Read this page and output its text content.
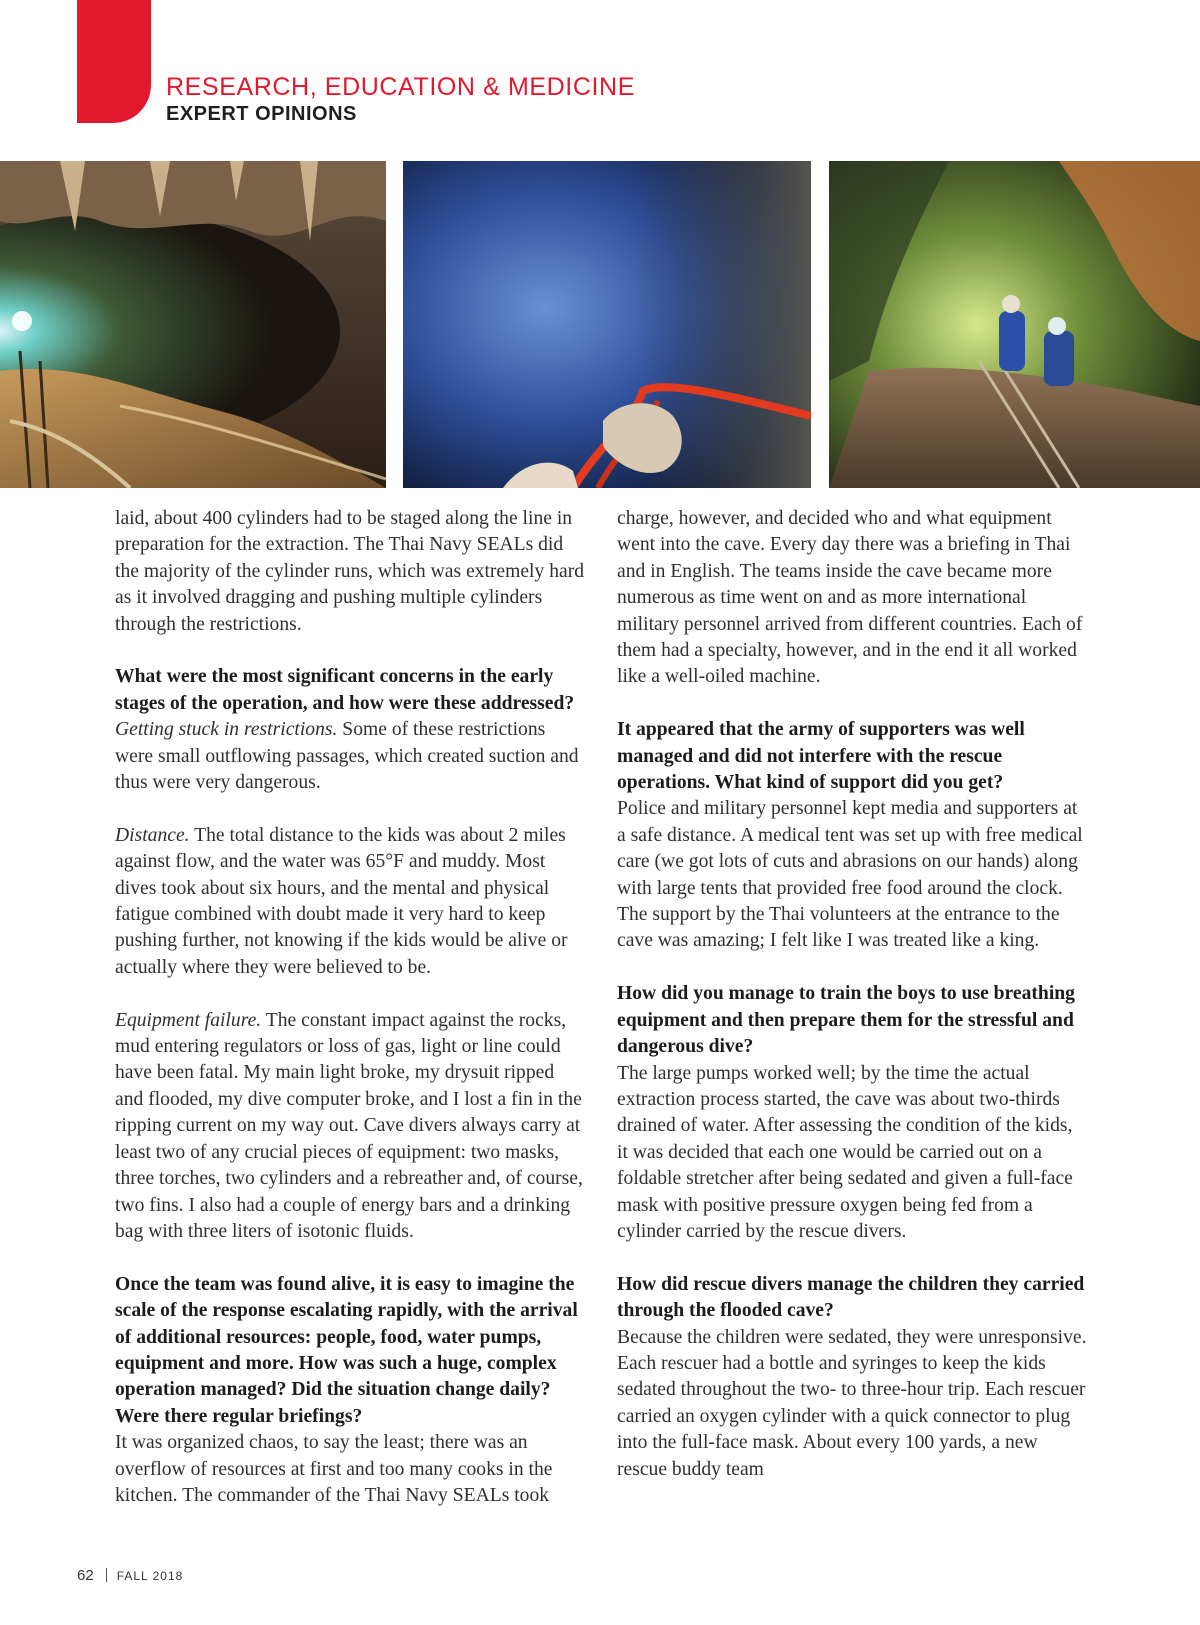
RESEARCH, EDUCATION & MEDICINE
EXPERT OPINIONS

laid, about 400 cylinders had to be staged along the line in preparation for the extraction. The Thai Navy SEALs did the majority of the cylinder runs, which was extremely hard as it involved dragging and pushing multiple cylinders through the restrictions.

What were the most significant concerns in the early stages of the operation, and how were these addressed?

Getting stuck in restrictions. Some of these restrictions were small outflowing passages, which created suction and thus were very dangerous.

Distance. The total distance to the kids was about 2 miles against flow, and the water was 65°F and muddy. Most dives took about six hours, and the mental and physical fatigue combined with doubt made it very hard to keep pushing further, not knowing if the kids would be alive or actually where they were believed to be.

Equipment failure. The constant impact against the rocks, mud entering regulators or loss of gas, light or line could have been fatal. My main light broke, my drysuit ripped and flooded, my dive computer broke, and I lost a fin in the ripping current on my way out. Cave divers always carry at least two of any crucial pieces of equipment: two masks, three torches, two cylinders and a rebreather and, of course, two fins. I also had a couple of energy bars and a drinking bag with three liters of isotonic fluids.

Once the team was found alive, it is easy to imagine the scale of the response escalating rapidly, with the arrival of additional resources: people, food, water pumps, equipment and more. How was such a huge, complex operation managed? Did the situation change daily? Were there regular briefings?

It was organized chaos, to say the least; there was an overflow of resources at first and too many cooks in the kitchen. The commander of the Thai Navy SEALs took

charge, however, and decided who and what equipment went into the cave. Every day there was a briefing in Thai and in English. The teams inside the cave became more numerous as time went on and as more international military personnel arrived from different countries. Each of them had a specialty, however, and in the end it all worked like a well-oiled machine.

It appeared that the army of supporters was well managed and did not interfere with the rescue operations. What kind of support did you get?

Police and military personnel kept media and supporters at a safe distance. A medical tent was set up with free medical care (we got lots of cuts and abrasions on our hands) along with large tents that provided free food around the clock. The support by the Thai volunteers at the entrance to the cave was amazing; I felt like I was treated like a king.

How did you manage to train the boys to use breathing equipment and then prepare them for the stressful and dangerous dive?

The large pumps worked well; by the time the actual extraction process started, the cave was about two-thirds drained of water. After assessing the condition of the kids, it was decided that each one would be carried out on a foldable stretcher after being sedated and given a full-face mask with positive pressure oxygen being fed from a cylinder carried by the rescue divers.

How did rescue divers manage the children they carried through the flooded cave?

Because the children were sedated, they were unresponsive. Each rescuer had a bottle and syringes to keep the kids sedated throughout the two- to three-hour trip. Each rescuer carried an oxygen cylinder with a quick connector to plug into the full-face mask. About every 100 yards, a new rescue buddy team

62 FALL 2018
